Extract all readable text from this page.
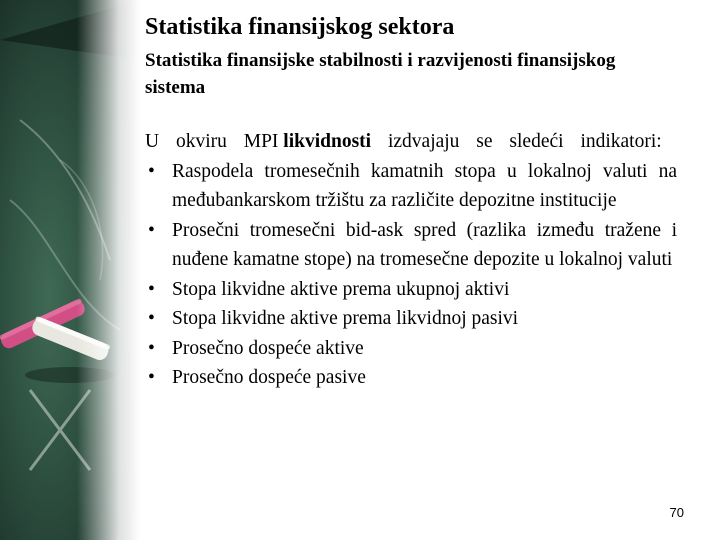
Statistika finansijskog sektora
Statistika finansijske stabilnosti i razvijenosti finansijskog sistema

U okviru MPI likvidnosti izdvajaju se sledeći indikatori:

• Raspodela tromesečnih kamatnih stopa u lokalnoj valuti na međubankarskom tržištu za različite depozitne institucije
• Prosečni tromesečni bid-ask spred (razlika između tražene i nuđene kamatne stope) na tromesečne depozite u lokalnoj valuti
• Stopa likvidne aktive prema ukupnoj aktivi
• Stopa likvidne aktive prema likvidnoj pasivi
• Prosečno dospeće aktive
• Prosečno dospeće pasive
70
